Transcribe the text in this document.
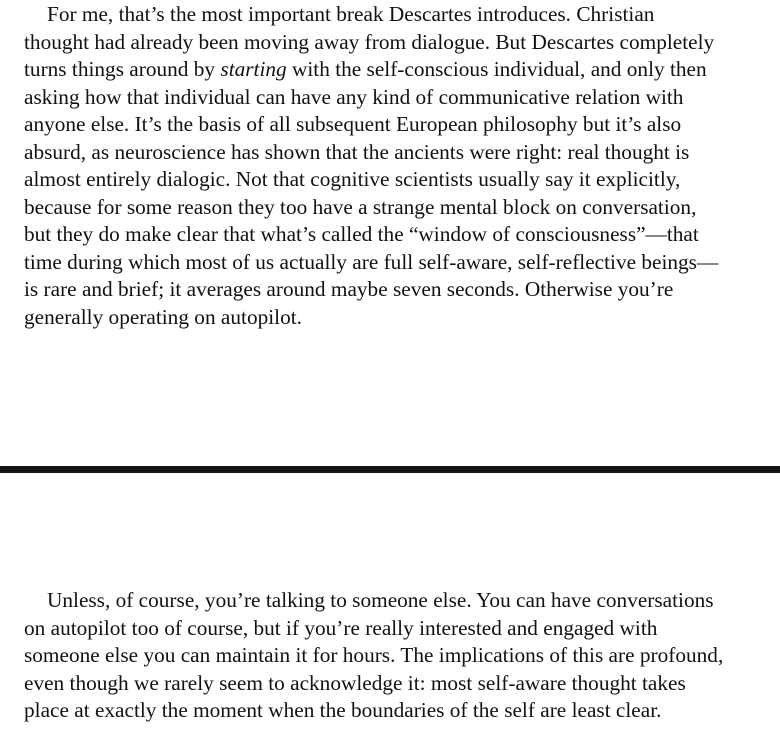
For me, that’s the most important break Descartes introduces. Christian thought had already been moving away from dialogue. But Descartes completely turns things around by starting with the self-conscious individual, and only then asking how that individual can have any kind of communicative relation with anyone else. It’s the basis of all subsequent European philosophy but it’s also absurd, as neuroscience has shown that the ancients were right: real thought is almost entirely dialogic. Not that cognitive scientists usually say it explicitly, because for some reason they too have a strange mental block on conversation, but they do make clear that what’s called the “window of consciousness”—that time during which most of us actually are full self-aware, self-reflective beings—is rare and brief; it averages around maybe seven seconds. Otherwise you’re generally operating on autopilot.

Unless, of course, you’re talking to someone else. You can have conversations on autopilot too of course, but if you’re really interested and engaged with someone else you can maintain it for hours. The implications of this are profound, even though we rarely seem to acknowledge it: most self-aware thought takes place at exactly the moment when the boundaries of the self are least clear.
